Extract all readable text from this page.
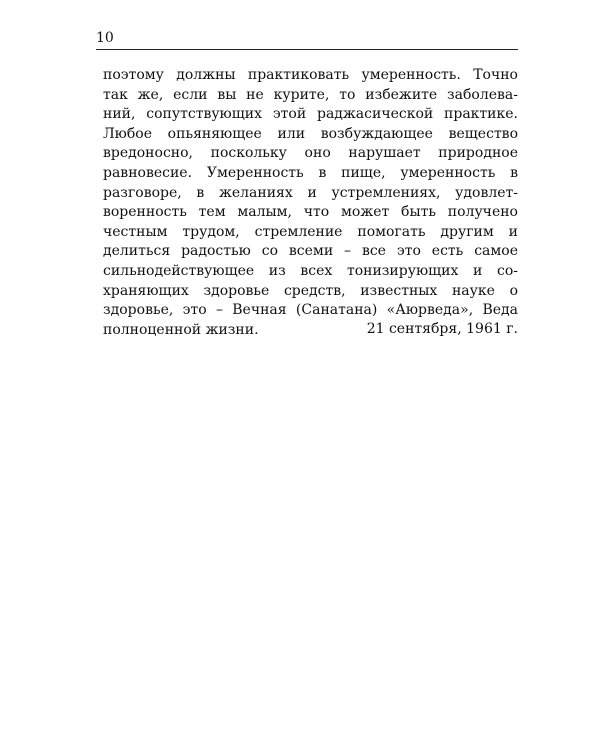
10

поэтому должны практиковать умеренность. Точно
так же, если вы не курите, то избежите заболева-
ний, сопутствующих этой раджасической практике.
Любое опьяняющее или возбуждающее вещество
вредоносно, поскольку оно нарушает природное
равновесие. Умеренность в пище, умеренность в
разговоре, в желаниях и устремлениях, удовлет-
воренность тем малым, что может быть получено
честным трудом, стремление помогать другим и
делиться радостью со всеми – все это есть самое
сильнодействующее из всех тонизирующих и со-
храняющих здоровье средств, известных науке о
здоровье, это – Вечная (Санатана) «Аюрведа», Веда
полноценной жизни.	21 сентября, 1961 г.
